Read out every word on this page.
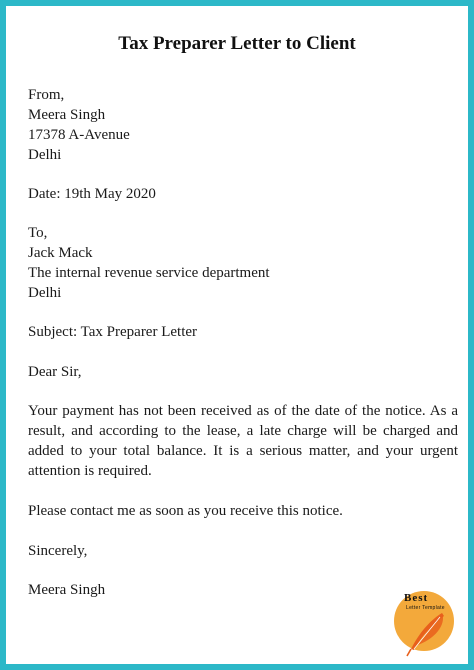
Tax Preparer Letter to Client
From,
Meera Singh
17378 A-Avenue
Delhi
Date: 19th May 2020
To,
Jack Mack
The internal revenue service department
Delhi
Subject: Tax Preparer Letter
Dear Sir,

Your payment has not been received as of the date of the notice. As a result, and according to the lease, a late charge will be charged and added to your total balance. It is a serious matter, and your urgent attention is required.

Please contact me as soon as you receive this notice.

Sincerely,
Meera Singh	Best
Letter Template
